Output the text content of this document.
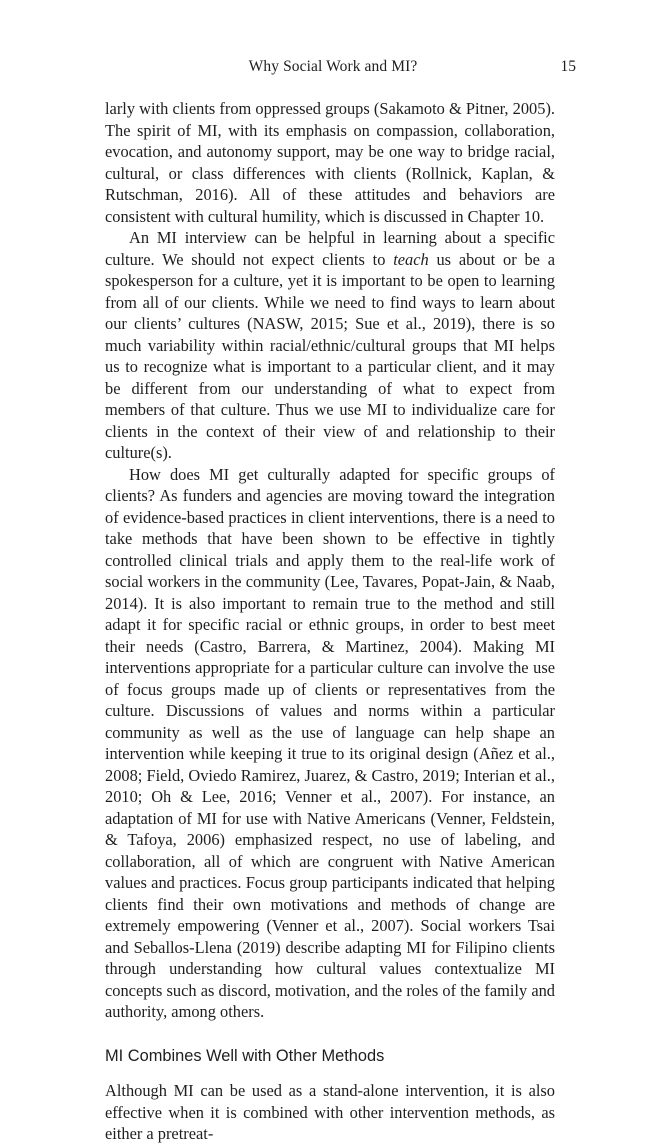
Why Social Work and MI?	15

larly with clients from oppressed groups (Sakamoto & Pitner, 2005). The spirit of MI, with its emphasis on compassion, collaboration, evocation, and autonomy support, may be one way to bridge racial, cultural, or class differences with clients (Rollnick, Kaplan, & Rutschman, 2016). All of these attitudes and behaviors are consistent with cultural humility, which is discussed in Chapter 10.

An MI interview can be helpful in learning about a specific culture. We should not expect clients to teach us about or be a spokesperson for a culture, yet it is important to be open to learning from all of our clients. While we need to find ways to learn about our clients’ cultures (NASW, 2015; Sue et al., 2019), there is so much variability within racial/ethnic/cultural groups that MI helps us to recognize what is important to a particular client, and it may be different from our understanding of what to expect from members of that culture. Thus we use MI to individualize care for clients in the context of their view of and relationship to their culture(s).

How does MI get culturally adapted for specific groups of clients? As funders and agencies are moving toward the integration of evidence-based practices in client interventions, there is a need to take methods that have been shown to be effective in tightly controlled clinical trials and apply them to the real-life work of social workers in the community (Lee, Tavares, Popat-Jain, & Naab, 2014). It is also important to remain true to the method and still adapt it for specific racial or ethnic groups, in order to best meet their needs (Castro, Barrera, & Martinez, 2004). Making MI interventions appropriate for a particular culture can involve the use of focus groups made up of clients or representatives from the culture. Discussions of values and norms within a particular community as well as the use of language can help shape an intervention while keeping it true to its original design (Añez et al., 2008; Field, Oviedo Ramirez, Juarez, & Castro, 2019; Interian et al., 2010; Oh & Lee, 2016; Venner et al., 2007). For instance, an adaptation of MI for use with Native Americans (Venner, Feldstein, & Tafoya, 2006) emphasized respect, no use of labeling, and collaboration, all of which are congruent with Native American values and practices. Focus group participants indicated that helping clients find their own motivations and methods of change are extremely empowering (Venner et al., 2007). Social workers Tsai and Seballos-Llena (2019) describe adapting MI for Filipino clients through understanding how cultural values contextualize MI concepts such as discord, motivation, and the roles of the family and authority, among others.

MI Combines Well with Other Methods

Although MI can be used as a stand-alone intervention, it is also effective when it is combined with other intervention methods, as either a pretreat-
